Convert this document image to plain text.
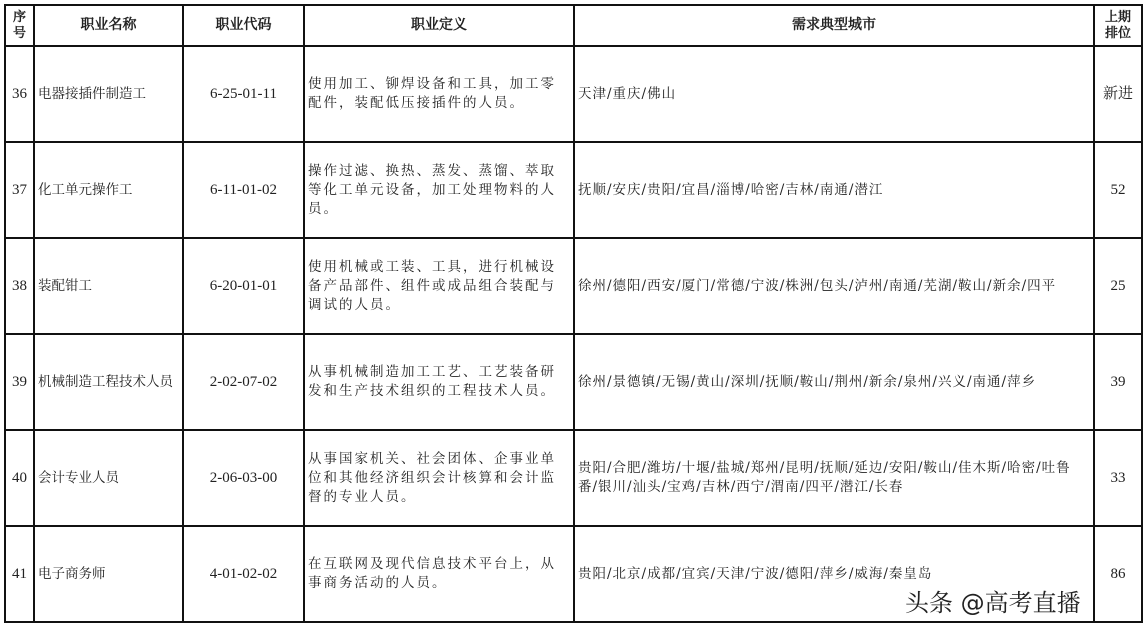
序号	职业名称	职业代码	职业定义	需求典型城市	上期排位
36	电器接插件制造工	6-25-01-11	使用加工、铆焊设备和工具，加工零配件，装配低压接插件的人员。	天津/重庆/佛山	新进
37	化工单元操作工	6-11-01-02	操作过滤、换热、蒸发、蒸馏、萃取等化工单元设备，加工处理物料的人员。	抚顺/安庆/贵阳/宜昌/淄博/哈密/吉林/南通/潜江	52
38	装配钳工	6-20-01-01	使用机械或工装、工具，进行机械设备产品部件、组件或成品组合装配与调试的人员。	徐州/德阳/西安/厦门/常德/宁波/株洲/包头/泸州/南通/芜湖/鞍山/新余/四平	25
39	机械制造工程技术人员	2-02-07-02	从事机械制造加工工艺、工艺装备研发和生产技术组织的工程技术人员。	徐州/景德镇/无锡/黄山/深圳/抚顺/鞍山/荆州/新余/泉州/兴义/南通/萍乡	39
40	会计专业人员	2-06-03-00	从事国家机关、社会团体、企事业单位和其他经济组织会计核算和会计监督的专业人员。	贵阳/合肥/潍坊/十堰/盐城/郑州/昆明/抚顺/延边/安阳/鞍山/佳木斯/哈密/吐鲁番/银川/汕头/宝鸡/吉林/西宁/渭南/四平/潜江/长春	33
41	电子商务师	4-01-02-02	在互联网及现代信息技术平台上，从事商务活动的人员。	贵阳/北京/成都/宜宾/天津/宁波/德阳/萍乡/威海/秦皇岛	86
头条 @高考直播
